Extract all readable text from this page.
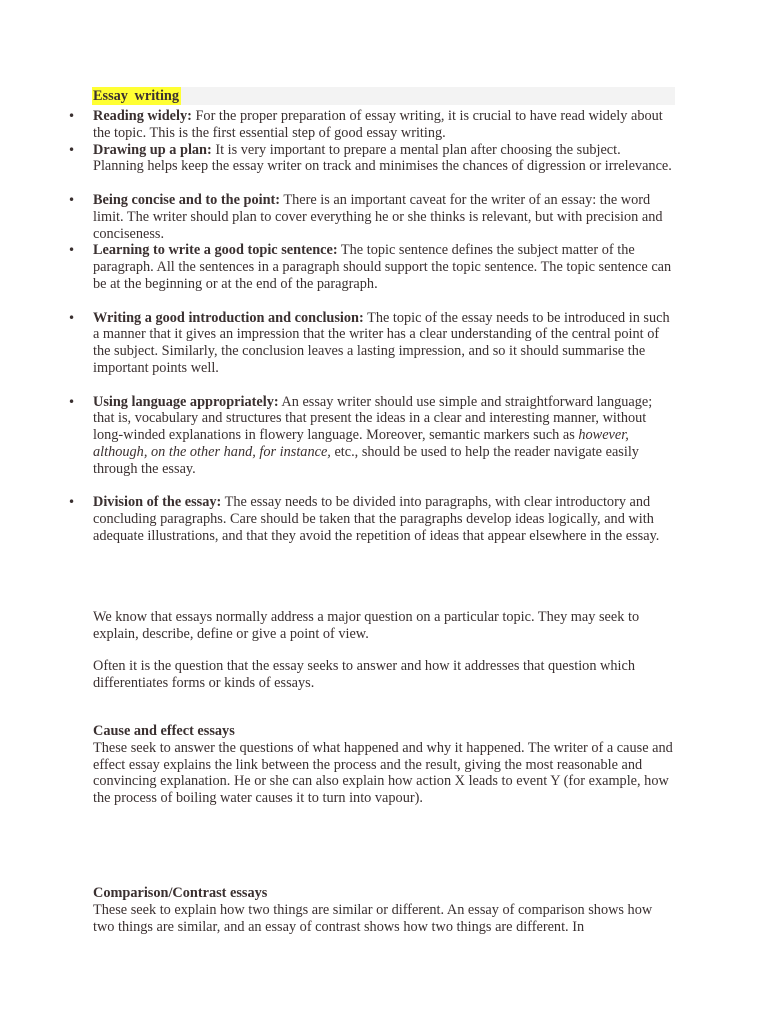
Essay writing
• Reading widely: For the proper preparation of essay writing, it is crucial to have read widely about the topic. This is the first essential step of good essay writing.
• Drawing up a plan: It is very important to prepare a mental plan after choosing the subject. Planning helps keep the essay writer on track and minimises the chances of digression or irrelevance.
• Being concise and to the point: There is an important caveat for the writer of an essay: the word limit. The writer should plan to cover everything he or she thinks is relevant, but with precision and conciseness.
• Learning to write a good topic sentence: The topic sentence defines the subject matter of the paragraph. All the sentences in a paragraph should support the topic sentence. The topic sentence can be at the beginning or at the end of the paragraph.
• Writing a good introduction and conclusion: The topic of the essay needs to be introduced in such a manner that it gives an impression that the writer has a clear understanding of the central point of the subject. Similarly, the conclusion leaves a lasting impression, and so it should summarise the important points well.
• Using language appropriately: An essay writer should use simple and straightforward language; that is, vocabulary and structures that present the ideas in a clear and interesting manner, without long-winded explanations in flowery language. Moreover, semantic markers such as however, although, on the other hand, for instance, etc., should be used to help the reader navigate easily through the essay.
• Division of the essay: The essay needs to be divided into paragraphs, with clear introductory and concluding paragraphs. Care should be taken that the paragraphs develop ideas logically, and with adequate illustrations, and that they avoid the repetition of ideas that appear elsewhere in the essay.

We know that essays normally address a major question on a particular topic. They may seek to explain, describe, define or give a point of view.

Often it is the question that the essay seeks to answer and how it addresses that question which differentiates forms or kinds of essays.

Cause and effect essays
These seek to answer the questions of what happened and why it happened. The writer of a cause and effect essay explains the link between the process and the result, giving the most reasonable and convincing explanation. He or she can also explain how action X leads to event Y (for example, how the process of boiling water causes it to turn into vapour).
Comparison/Contrast essays
These seek to explain how two things are similar or different. An essay of comparison shows how two things are similar, and an essay of contrast shows how two things are different. In
